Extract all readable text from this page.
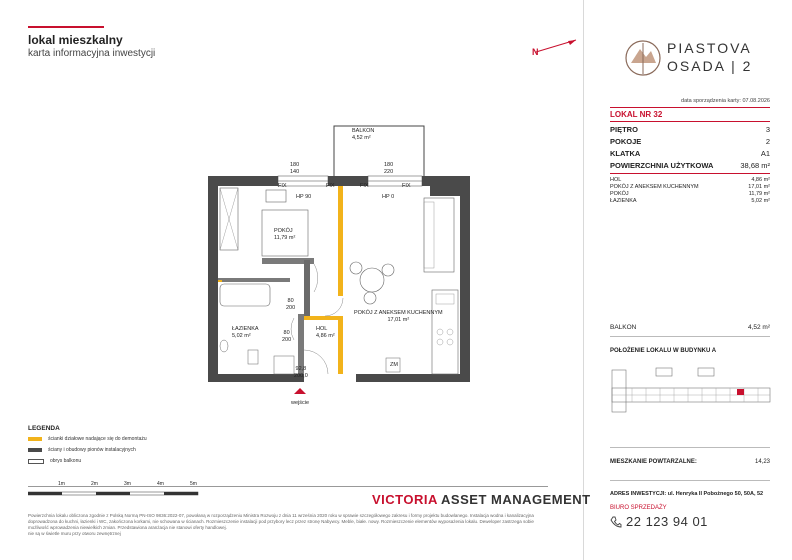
lokal mieszkalny
karta informacyjna inwestycji	N	PIASTOVA
OSADA | 2
data sporządzenia karty: 07.08.2026
LOKAL NR 32
PIĘTRO	3
POKOJE	2
KLATKA	A1
POWIERZCHNIA UŻYTKOWA	38,68 m²
HOL	4,86 m²
POKÓJ Z ANEKSEM KUCHENNYM	17,01 m²
POKÓJ	11,79 m²
ŁAZIENKA	5,02 m²
BALKON	4,52 m²
POŁOŻENIE LOKALU W BUDYNKU A
MIESZKANIE POWTARZALNE:	14,23
ADRES INWESTYCJI: ul. Henryka II Pobożnego 50, 50A, 52
BIURO SPRZEDAŻY
22 123 94 01
BALKON
4,52 m²
POKÓJ
11,79 m²
POKÓJ Z ANEKSEM KUCHENNYM
17,01 m²
HOL
4,86 m²
ŁAZIENKA
5,02 m²
HP 90	HP 0
FIX	FIX	FIX	FIX
180
140
180
220
80
200
80
200
92,8
200,0
ZM
wejście
LEGENDA
ścianki działowe nadające się do demontażu
ściany i obudowy pionów instalacyjnych
obrys balkonu
1m	2m	3m	4m	5m
VICTORIA ASSET MANAGEMENT
Powierzchnia lokalu obliczona zgodnie z Polską Normą PN-ISO 9836:2022-07, powołaną w rozporządzeniu Ministra Rozwoju z dnia 11 września 2020 roku w sprawie szczegółowego zakresu i formy projektu budowlanego. Instalacja wodna i kanalizacyjna doprowadzona do kuchni, łazienki i WC, zakończona korkami, nie schowana w ścianach. Rozmieszczenie instalacji pod przybory lecz przez stronę Nabywcy. Meble, białe. nowy. Rozmieszczenie elementów wyposażenia lokalu. Deweloper zastrzega sobie możliwość wprowadzenia niewielkich zmian. Przedstawiona aranżacja nie stanowi oferty handlowej.
nie są w świetle muru przy otworu zewnętrznej
